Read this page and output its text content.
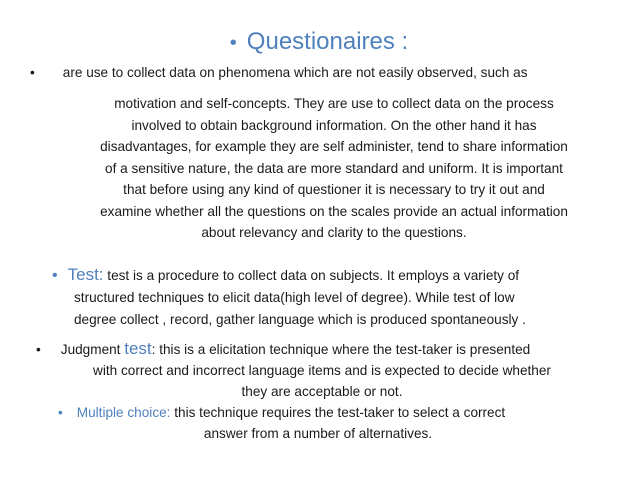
• Questionaires :
• are use to collect data on phenomena which are not easily observed, such as
motivation and self-concepts. They are use to collect data on the process
involved to obtain background information. On the other hand it has
disadvantages, for example they are self administer, tend to share information
of a sensitive nature, the data are more standard and uniform. It is important
that before using any kind of questioner it is necessary to try it out and
examine whether all the questions on the scales provide an actual information
about relevancy and clarity to the questions.
• Test: test is a procedure to collect data on subjects. It employs a variety of
structured techniques to elicit data(high level of degree). While test of low
degree collect , record, gather language which is produced spontaneously .
• Judgment test: this is a elicitation technique where the test-taker is presented
with correct and incorrect language items and is expected to decide whether
they are acceptable or not.
• Multiple choice: this technique requires the test-taker to select a correct
answer from a number of alternatives.
